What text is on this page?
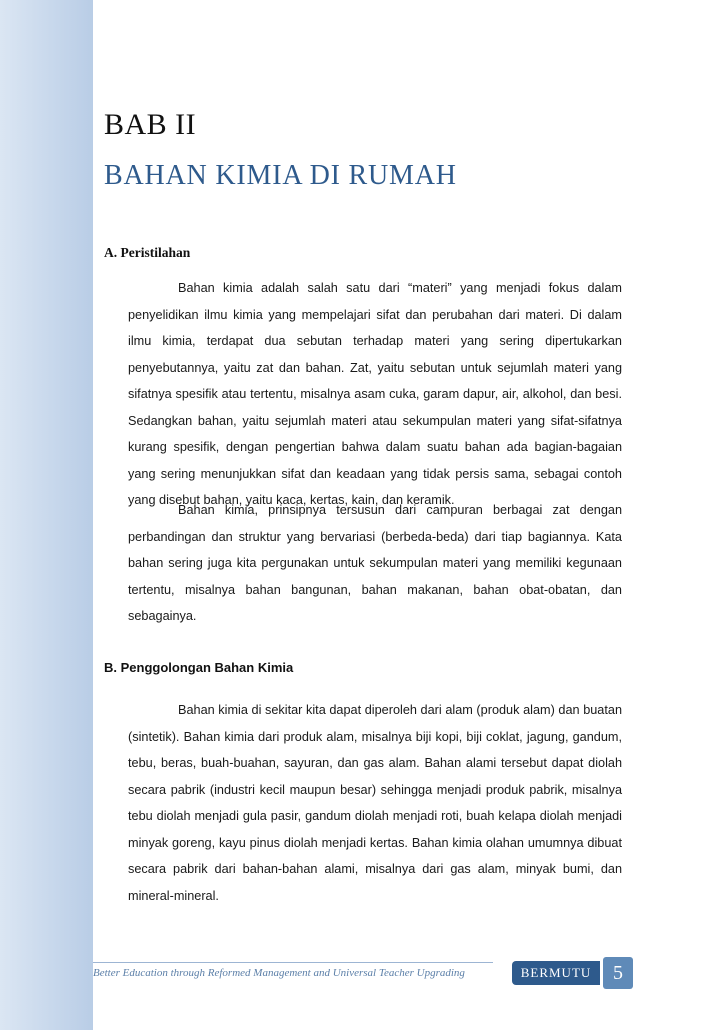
BAB II
BAHAN KIMIA DI RUMAH
A. Peristilahan

Bahan kimia adalah salah satu dari “materi” yang menjadi fokus dalam penyelidikan ilmu kimia yang mempelajari sifat dan perubahan dari materi. Di dalam ilmu kimia, terdapat dua sebutan terhadap materi yang sering dipertukarkan penyebutannya, yaitu zat dan bahan. Zat, yaitu sebutan untuk sejumlah materi yang sifatnya spesifik atau tertentu, misalnya asam cuka, garam dapur, air, alkohol, dan besi. Sedangkan bahan, yaitu sejumlah materi atau sekumpulan materi yang sifat-sifatnya kurang spesifik, dengan pengertian bahwa dalam suatu bahan ada bagian-bagaian yang sering menunjukkan sifat dan keadaan yang tidak persis sama, sebagai contoh yang disebut bahan, yaitu kaca, kertas, kain, dan keramik.

Bahan kimia, prinsipnya tersusun dari campuran berbagai zat dengan perbandingan dan struktur yang bervariasi (berbeda-beda) dari tiap bagiannya. Kata bahan sering juga kita pergunakan untuk sekumpulan materi yang memiliki kegunaan tertentu, misalnya bahan bangunan, bahan makanan, bahan obat-obatan, dan sebagainya.

B. Penggolongan Bahan Kimia

Bahan kimia di sekitar kita dapat diperoleh dari alam (produk alam) dan buatan (sintetik). Bahan kimia dari produk alam, misalnya biji kopi, biji coklat, jagung, gandum, tebu, beras, buah-buahan, sayuran, dan gas alam. Bahan alami tersebut dapat diolah secara pabrik (industri kecil maupun besar) sehingga menjadi produk pabrik, misalnya tebu diolah menjadi gula pasir, gandum diolah menjadi roti, buah kelapa diolah menjadi minyak goreng, kayu pinus diolah menjadi kertas. Bahan kimia olahan umumnya dibuat secara pabrik dari bahan-bahan alami, misalnya dari gas alam, minyak bumi, dan mineral-mineral.

Better Education through Reformed Management and Universal Teacher Upgrading	BERMUTU	5
